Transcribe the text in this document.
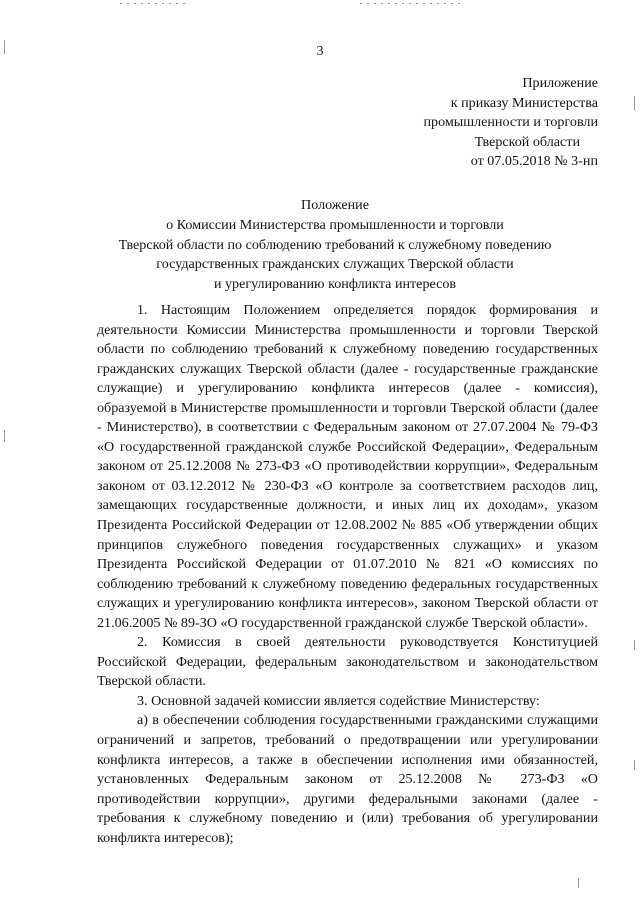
3
Приложение
к приказу Министерства
промышленности и торговли
Тверской области
от 07.05.2018 № 3-нп
Положение
о Комиссии Министерства промышленности и торговли
Тверской области по соблюдению требований к служебному поведению
государственных гражданских служащих Тверской области
и урегулированию конфликта интересов

1. Настоящим Положением определяется порядок формирования и деятельности Комиссии Министерства промышленности и торговли Тверской области по соблюдению требований к служебному поведению государственных гражданских служащих Тверской области (далее - государственные гражданские служащие) и урегулированию конфликта интересов (далее - комиссия), образуемой в Министерстве промышленности и торговли Тверской области (далее - Министерство), в соответствии с Федеральным законом от 27.07.2004 № 79-ФЗ «О государственной гражданской службе Российской Федерации», Федеральным законом от 25.12.2008 № 273-ФЗ «О противодействии коррупции», Федеральным законом от 03.12.2012 № 230-ФЗ «О контроле за соответствием расходов лиц, замещающих государственные должности, и иных лиц их доходам», указом Президента Российской Федерации от 12.08.2002 № 885 «Об утверждении общих принципов служебного поведения государственных служащих» и указом Президента Российской Федерации от 01.07.2010 № 821 «О комиссиях по соблюдению требований к служебному поведению федеральных государственных служащих и урегулированию конфликта интересов», законом Тверской области от 21.06.2005 № 89-ЗО «О государственной гражданской службе Тверской области».

2. Комиссия в своей деятельности руководствуется Конституцией Российской Федерации, федеральным законодательством и законодательством Тверской области.

3. Основной задачей комиссии является содействие Министерству:

а) в обеспечении соблюдения государственными гражданскими служащими ограничений и запретов, требований о предотвращении или урегулировании конфликта интересов, а также в обеспечении исполнения ими обязанностей, установленных Федеральным законом от 25.12.2008 № 273-ФЗ «О противодействии коррупции», другими федеральными законами (далее - требования к служебному поведению и (или) требования об урегулировании конфликта интересов);
